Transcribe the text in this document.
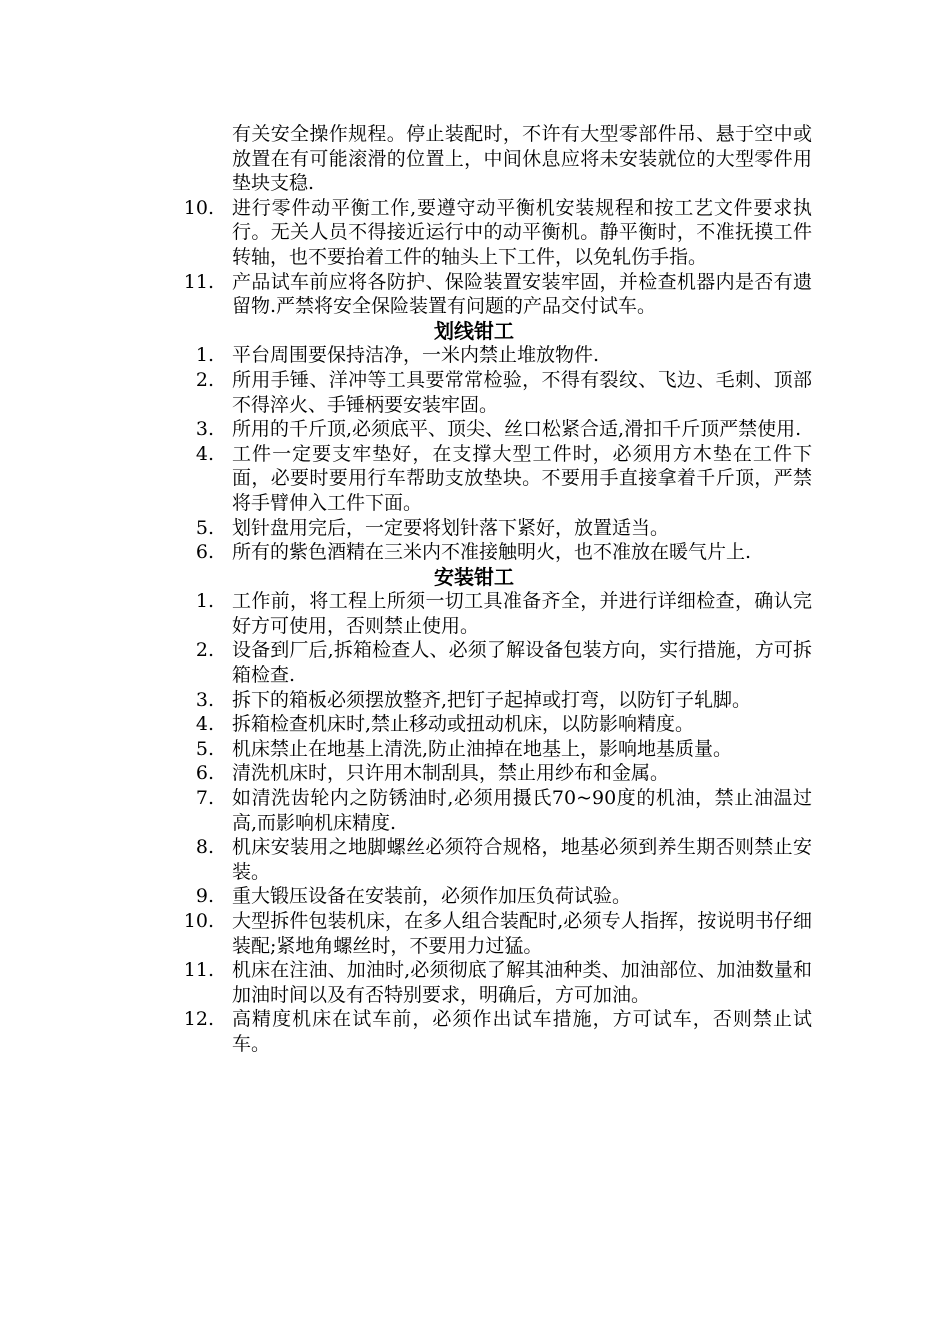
有关安全操作规程。停止装配时，不许有大型零部件吊、悬于空中或放置在有可能滚滑的位置上，中间休息应将未安装就位的大型零件用垫块支稳.
10. 进行零件动平衡工作,要遵守动平衡机安装规程和按工艺文件要求执行。无关人员不得接近运行中的动平衡机。静平衡时，不准抚摸工件转轴，也不要抬着工件的轴头上下工件，以免轧伤手指。
11. 产品试车前应将各防护、保险装置安装牢固，并检查机器内是否有遗留物.严禁将安全保险装置有问题的产品交付试车。
划线钳工
1. 平台周围要保持洁净，一米内禁止堆放物件.
2. 所用手锤、洋冲等工具要常常检验，不得有裂纹、飞边、毛刺、顶部不得淬火、手锤柄要安装牢固。
3. 所用的千斤顶,必须底平、顶尖、丝口松紧合适,滑扣千斤顶严禁使用.
4. 工件一定要支牢垫好，在支撑大型工件时，必须用方木垫在工件下面，必要时要用行车帮助支放垫块。不要用手直接拿着千斤顶，严禁将手臂伸入工件下面。
5. 划针盘用完后，一定要将划针落下紧好，放置适当。
6. 所有的紫色酒精在三米内不准接触明火，也不准放在暖气片上.
安装钳工
1. 工作前，将工程上所须一切工具准备齐全，并进行详细检查，确认完好方可使用，否则禁止使用。
2. 设备到厂后,拆箱检查人、必须了解设备包装方向，实行措施，方可拆箱检查.
3. 拆下的箱板必须摆放整齐,把钉子起掉或打弯，以防钉子轧脚。
4. 拆箱检查机床时,禁止移动或扭动机床，以防影响精度。
5. 机床禁止在地基上清洗,防止油掉在地基上，影响地基质量。
6. 清洗机床时，只许用木制刮具，禁止用纱布和金属。
7. 如清洗齿轮内之防锈油时,必须用摄氏70~90度的机油，禁止油温过高,而影响机床精度.
8. 机床安装用之地脚螺丝必须符合规格，地基必须到养生期否则禁止安装。
9. 重大锻压设备在安装前，必须作加压负荷试验。
10. 大型拆件包装机床，在多人组合装配时,必须专人指挥，按说明书仔细装配;紧地角螺丝时，不要用力过猛。
11. 机床在注油、加油时,必须彻底了解其油种类、加油部位、加油数量和加油时间以及有否特别要求，明确后，方可加油。
12. 高精度机床在试车前，必须作出试车措施，方可试车，否则禁止试车。
